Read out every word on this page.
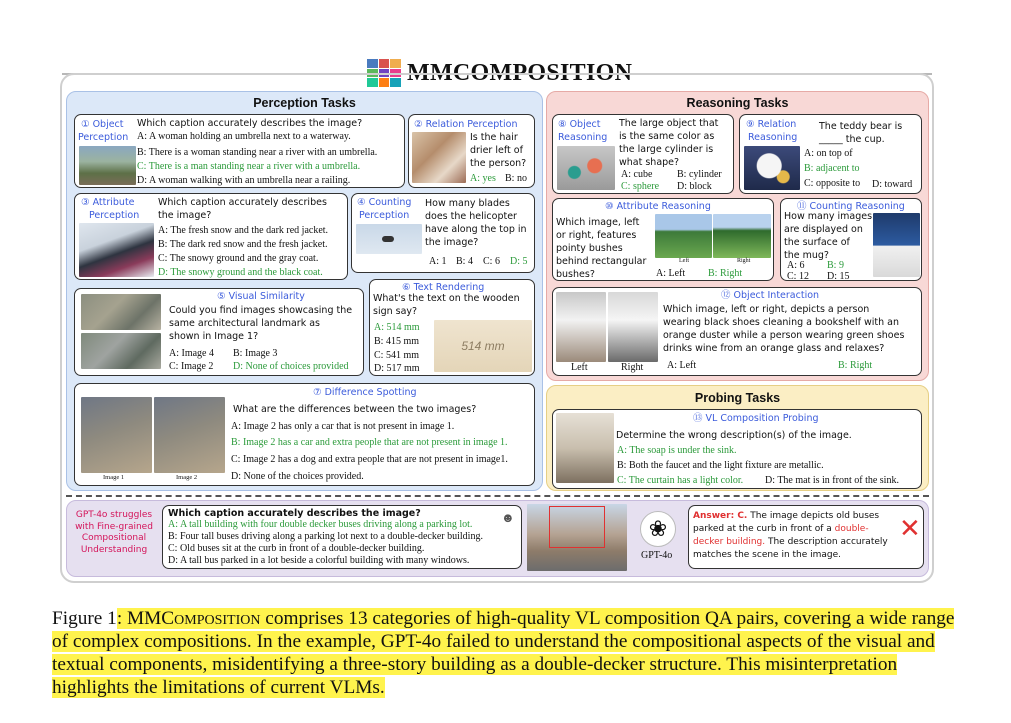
MMCOMPOSITION
Perception Tasks	Reasoning Tasks
Probing Tasks
① Object
Perception
Which caption accurately describes the image?
A: A woman holding an umbrella next to a waterway.
B: There is a woman standing near a river with an umbrella.
C: There is a man standing near a river with a umbrella.
D: A woman walking with an umbrella near a railing.
② Relation Perception
Is the hair
drier left of
the person?
A: yes B: no
③ Attribute
Perception
Which caption accurately describes
the image?
A: The fresh snow and the dark red jacket.
B: The dark red snow and the fresh jacket.
C: The snowy ground and the gray coat.
D: The snowy ground and the black coat.
④ Counting
Perception
How many blades
does the helicopter
have along the top in
the image?
A: 1 B: 4 C: 6 D: 5
⑤ Visual Similarity
Could you find images showcasing the
same architectural landmark as
shown in Image 1?
A: Image 4 B: Image 3
C: Image 2 D: None of choices provided
⑥ Text Rendering
What's the text on the wooden
sign say?
A: 514 mm
B: 415 mm
C: 541 mm
D: 517 mm
514 mm
⑦ Difference Spotting
Image 1	Image 2
What are the differences between the two images?
A: Image 2 has only a car that is not present in image 1.
B: Image 2 has a car and extra people that are not present in image 1.
C: Image 2 has a dog and extra people that are not present in image1.
D: None of the choices provided.
⑧ Object
Reasoning
The large object that
is the same color as
the large cylinder is
what shape?
A: cube B: cylinder
C: sphere D: block
⑨ Relation
Reasoning
The teddy bear is
_____ the cup.
A: on top of
B: adjacent to
C: opposite to D: toward
⑩ Attribute Reasoning
Which image, left
or right, features
pointy bushes
behind rectangular
bushes?
Left	Right
A: Left B: Right
⑪ Counting Reasoning
How many images
are displayed on
the surface of
the mug?
A: 6 B: 9
C: 12 D: 15
⑫ Object Interaction
Left	Right
Which image, left or right, depicts a person
wearing black shoes cleaning a bookshelf with an
orange duster while a person wearing green shoes
drinks wine from an orange glass and relaxes?
A: Left	B: Right
⑬ VL Composition Probing
Determine the wrong description(s) of the image.
A: The soap is under the sink.
B: Both the faucet and the light fixture are metallic.
C: The curtain has a light color. D: The mat is in front of the sink.
GPT-4o struggles
with Fine-grained
Compositional
Understanding
Which caption accurately describes the image?	☻
A: A tall building with four double decker buses driving along a parking lot.
B: Four tall buses driving along a parking lot next to a double-decker building.
C: Old buses sit at the curb in front of a double-decker building.
D: A tall bus parked in a lot beside a colorful building with many windows.
❀
GPT-4o
Answer: C. The image depicts old buses
parked at the curb in front of a double-
decker building. The description accurately
matches the scene in the image.
✕
Figure 1: MMComposition comprises 13 categories of high-quality VL composition QA pairs, covering a wide range of complex compositions. In the example, GPT-4o failed to understand the compositional aspects of the visual and textual components, misidentifying a three-story building as a double-decker structure. This misinterpretation highlights the limitations of current VLMs.
